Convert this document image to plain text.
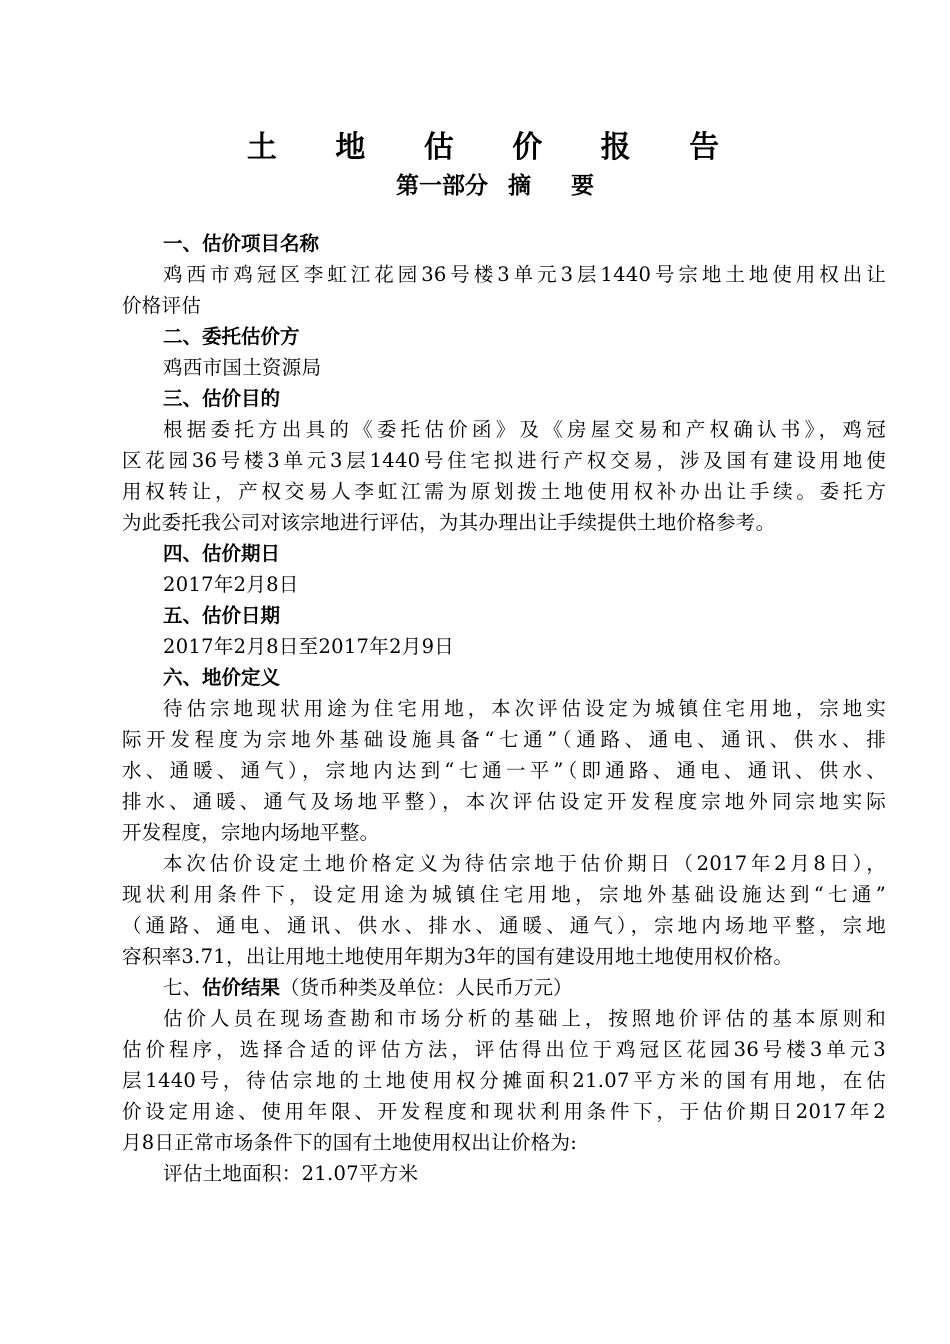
土 地 估 价 报 告
第一部分 摘 要
一、估价项目名称
鸡西市鸡冠区李虹江花园36号楼3单元3层1440号宗地土地使用权出让
价格评估
二、委托估价方
鸡西市国土资源局
三、估价目的
根据委托方出具的《委托估价函》及《房屋交易和产权确认书》，鸡冠
区花园36号楼3单元3层1440号住宅拟进行产权交易，涉及国有建设用地使
用权转让，产权交易人李虹江需为原划拨土地使用权补办出让手续。委托方
为此委托我公司对该宗地进行评估，为其办理出让手续提供土地价格参考。
四、估价期日
2017年2月8日
五、估价日期
2017年2月8日至2017年2月9日
六、地价定义
待估宗地现状用途为住宅用地，本次评估设定为城镇住宅用地，宗地实
际开发程度为宗地外基础设施具备“七通”（通路、通电、通讯、供水、排
水、通暖、通气），宗地内达到“七通一平”（即通路、通电、通讯、供水、
排水、通暖、通气及场地平整），本次评估设定开发程度宗地外同宗地实际
开发程度，宗地内场地平整。
本次估价设定土地价格定义为待估宗地于估价期日（2017年2月8日），
现状利用条件下，设定用途为城镇住宅用地，宗地外基础设施达到“七通”
（通路、通电、通讯、供水、排水、通暖、通气），宗地内场地平整，宗地
容积率3.71，出让用地土地使用年期为3年的国有建设用地土地使用权价格。
七、估价结果（货币种类及单位：人民币万元）
估价人员在现场查勘和市场分析的基础上，按照地价评估的基本原则和
估价程序，选择合适的评估方法，评估得出位于鸡冠区花园36号楼3单元3
层1440号，待估宗地的土地使用权分摊面积21.07平方米的国有用地，在估
价设定用途、使用年限、开发程度和现状利用条件下，于估价期日2017年2
月8日正常市场条件下的国有土地使用权出让价格为:
评估土地面积：21.07平方米
